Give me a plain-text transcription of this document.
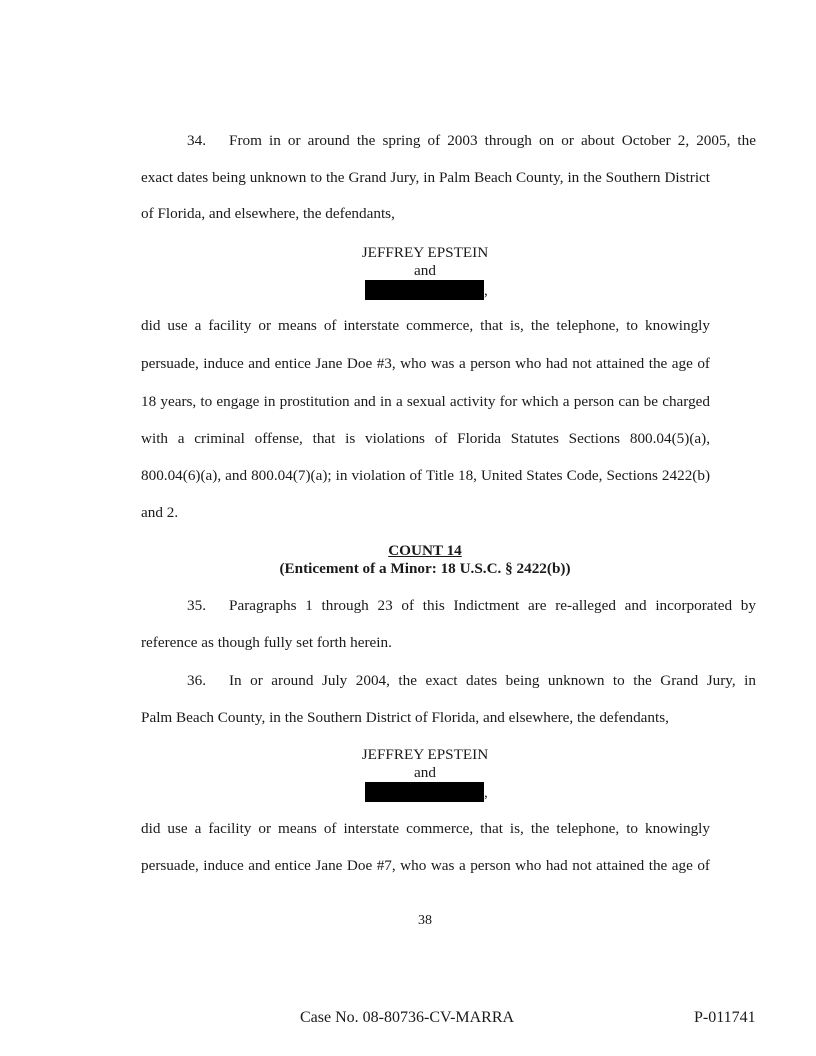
34. From in or around the spring of 2003 through on or about October 2, 2005, the
exact dates being unknown to the Grand Jury, in Palm Beach County, in the Southern District
of Florida, and elsewhere, the defendants,
JEFFREY EPSTEIN
and
,
did use a facility or means of interstate commerce, that is, the telephone, to knowingly
persuade, induce and entice Jane Doe #3, who was a person who had not attained the age of
18 years, to engage in prostitution and in a sexual activity for which a person can be charged
with a criminal offense, that is violations of Florida Statutes Sections 800.04(5)(a),
800.04(6)(a), and 800.04(7)(a); in violation of Title 18, United States Code, Sections 2422(b)
and 2.
COUNT 14
(Enticement of a Minor: 18 U.S.C. § 2422(b))
35. Paragraphs 1 through 23 of this Indictment are re-alleged and incorporated by
reference as though fully set forth herein.
36. In or around July 2004, the exact dates being unknown to the Grand Jury, in
Palm Beach County, in the Southern District of Florida, and elsewhere, the defendants,
JEFFREY EPSTEIN
and
,
did use a facility or means of interstate commerce, that is, the telephone, to knowingly
persuade, induce and entice Jane Doe #7, who was a person who had not attained the age of
38
Case No. 08-80736-CV-MARRA	P-011741
